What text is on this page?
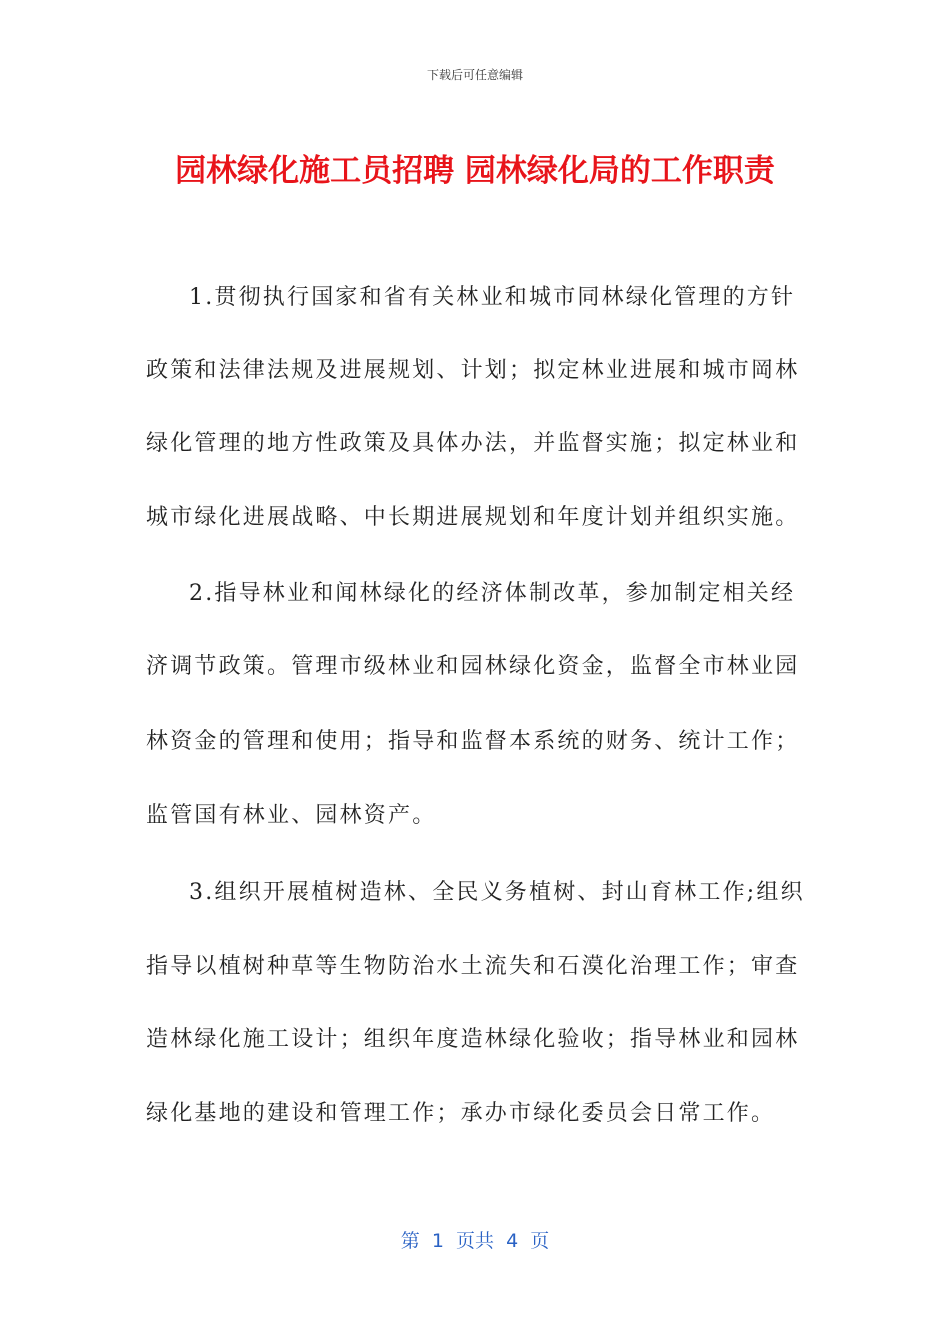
下载后可任意编辑
园林绿化施工员招聘 园林绿化局的工作职责
1.贯彻执行国家和省有关林业和城市同林绿化管理的方针
政策和法律法规及进展规划、计划；拟定林业进展和城市岡林
绿化管理的地方性政策及具体办法，并监督实施；拟定林业和
城市绿化进展战略、中长期进展规划和年度计划并组织实施。
2.指导林业和闻林绿化的经济体制改革，参加制定相关经
济调节政策。管理市级林业和园林绿化资金，监督全市林业园
林资金的管理和使用；指导和监督本系统的财务、统计工作；
监管国有林业、园林资产。
3.组织开展植树造林、全民义务植树、封山育林工作;组织
指导以植树种草等生物防治水土流失和石漠化治理工作；审查
造林绿化施工设计；组织年度造林绿化验收；指导林业和园林
绿化基地的建设和管理工作；承办市绿化委员会日常工作。
第  1  页共  4  页
